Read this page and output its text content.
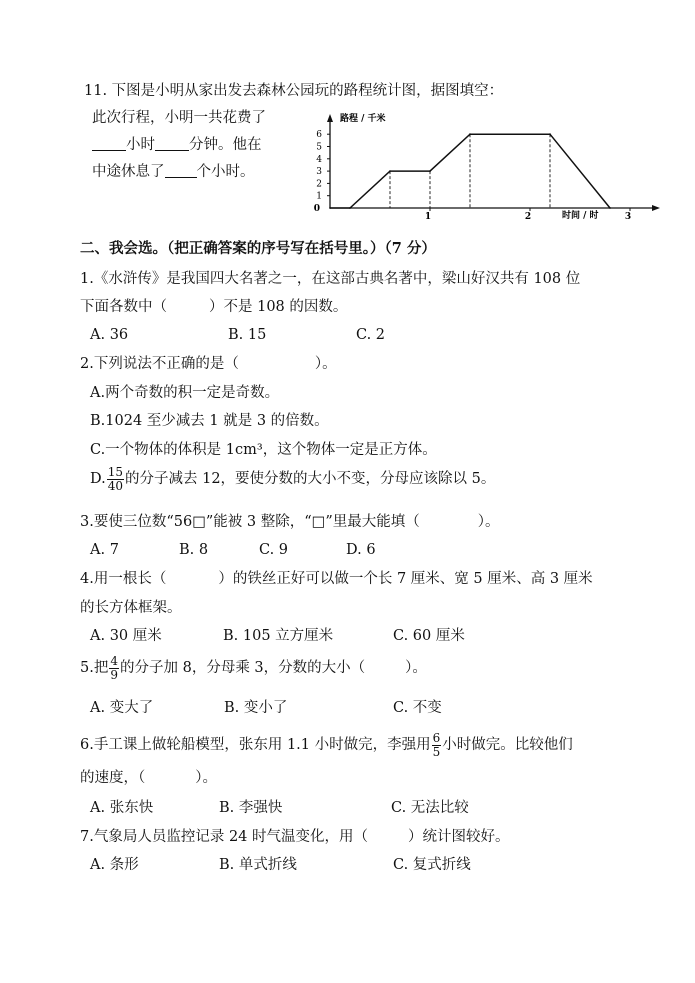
11. 下图是小明从家出发去森林公园玩的路程统计图，据图填空：
此次行程，小明一共花费了
小时 分钟。他在
中途休息了 个小时。
1
2
3
4
5
6
0
1	2	3
路程 / 千米
时间 / 时
二、我会选。（把正确答案的序号写在括号里。）（7 分）
1.《水浒传》是我国四大名著之一，在这部古典名著中，梁山好汉共有 108 位
下面各数中（	）不是 108 的因数。
A. 36	B. 15	C. 2
2.下列说法不正确的是（	）。
A.两个奇数的积一定是奇数。
B.1024 至少减去 1 就是 3 的倍数。
C.一个物体的体积是 1cm³，这个物体一定是正方体。
D. $\frac{15}{40}$ 的分子减去 12，要使分数的大小不变，分母应该除以 5。
3.要使三位数“56□”能被 3 整除，“□”里最大能填（	）。
A. 7	B. 8	C. 9	D. 6
4.用一根长（	）的铁丝正好可以做一个长 7 厘米、宽 5 厘米、高 3 厘米
的长方体框架。
A. 30 厘米	B. 105 立方厘米	C. 60 厘米
5.把 $\frac{4}{9}$ 的分子加 8，分母乘 3，分数的大小（	）。
A. 变大了	B. 变小了	C. 不变
6.手工课上做轮船模型，张东用 1.1 小时做完，李强用 $\frac{6}{5}$ 小时做完。比较他们
的速度，（	）。
A. 张东快	B. 李强快	C. 无法比较
7.气象局人员监控记录 24 时气温变化，用（	）统计图较好。
A. 条形	B. 单式折线	C. 复式折线
